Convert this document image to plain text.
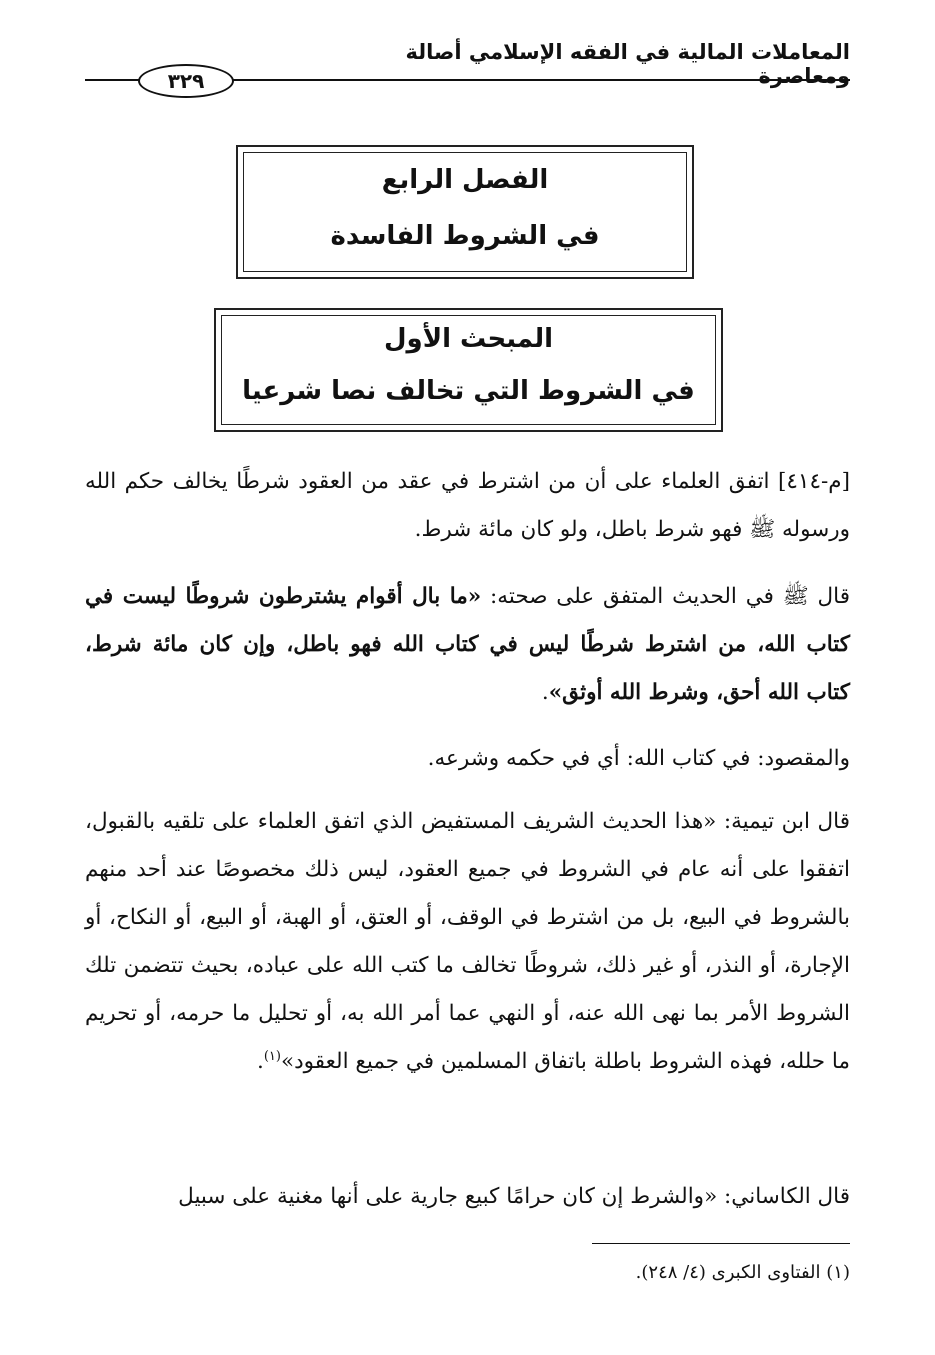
المعاملات المالية في الفقه الإسلامي أصالة ومعاصرة
٣٢٩
الفصل الرابع
في الشروط الفاسدة
المبحث الأول
في الشروط التي تخالف نصا شرعيا
[م-٤١٤] اتفق العلماء على أن من اشترط في عقد من العقود شرطًا يخالف حكم الله ورسوله ﷺ فهو شرط باطل، ولو كان مائة شرط.
قال ﷺ في الحديث المتفق على صحته: «ما بال أقوام يشترطون شروطًا ليست في كتاب الله، من اشترط شرطًا ليس في كتاب الله فهو باطل، وإن كان مائة شرط، كتاب الله أحق، وشرط الله أوثق».
والمقصود: في كتاب الله: أي في حكمه وشرعه.
قال ابن تيمية: «هذا الحديث الشريف المستفيض الذي اتفق العلماء على تلقيه بالقبول، اتفقوا على أنه عام في الشروط في جميع العقود، ليس ذلك مخصوصًا عند أحد منهم بالشروط في البيع، بل من اشترط في الوقف، أو العتق، أو الهبة، أو البيع، أو النكاح، أو الإجارة، أو النذر، أو غير ذلك، شروطًا تخالف ما كتب الله على عباده، بحيث تتضمن تلك الشروط الأمر بما نهى الله عنه، أو النهي عما أمر الله به، أو تحليل ما حرمه، أو تحريم ما حلله، فهذه الشروط باطلة باتفاق المسلمين في جميع العقود»$^{(١)}$.
قال الكاساني: «والشرط إن كان حرامًا كبيع جارية على أنها مغنية على سبيل
(١) الفتاوى الكبرى (٤/ ٢٤٨).
